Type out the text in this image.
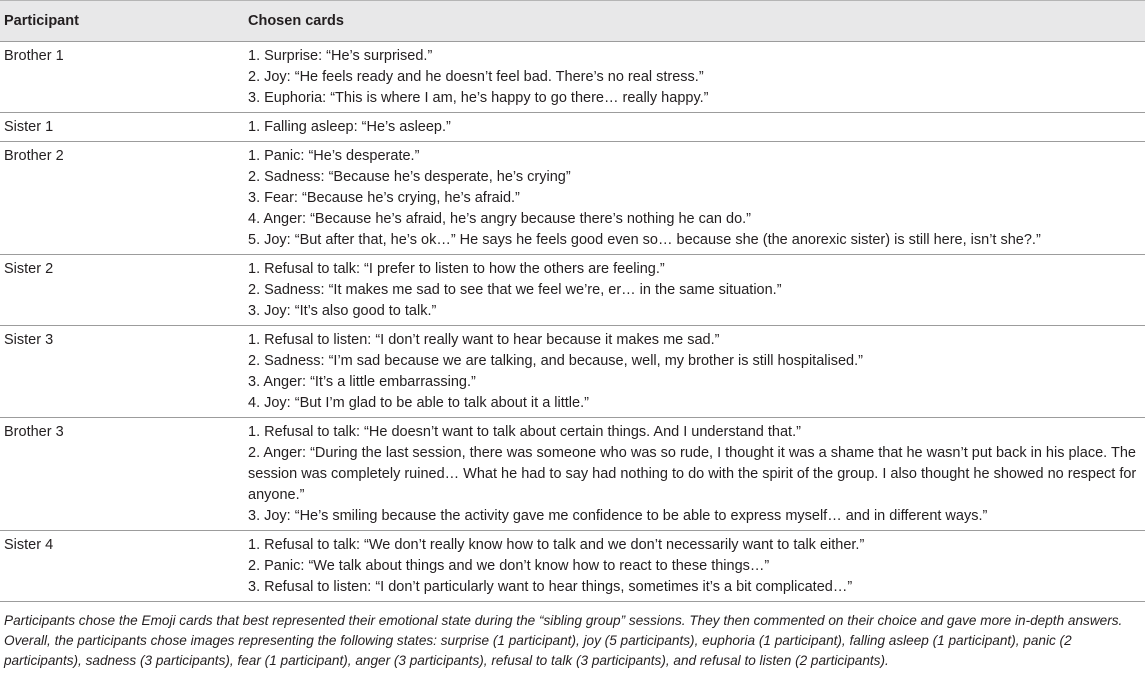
Participant	Chosen cards
Brother 1	1. Surprise: “He’s surprised.”
2. Joy: “He feels ready and he doesn’t feel bad. There’s no real stress.”
3. Euphoria: “This is where I am, he’s happy to go there… really happy.”
Sister 1	1. Falling asleep: “He’s asleep.”
Brother 2	1. Panic: “He’s desperate.”
2. Sadness: “Because he’s desperate, he’s crying”
3. Fear: “Because he’s crying, he’s afraid.”
4. Anger: “Because he’s afraid, he’s angry because there’s nothing he can do.”
5. Joy: “But after that, he’s ok…” He says he feels good even so… because she (the anorexic sister) is still here, isn’t she?.”
Sister 2	1. Refusal to talk: “I prefer to listen to how the others are feeling.”
2. Sadness: “It makes me sad to see that we feel we’re, er… in the same situation.”
3. Joy: “It’s also good to talk.”
Sister 3	1. Refusal to listen: “I don’t really want to hear because it makes me sad.”
2. Sadness: “I’m sad because we are talking, and because, well, my brother is still hospitalised.”
3. Anger: “It’s a little embarrassing.”
4. Joy: “But I’m glad to be able to talk about it a little.”
Brother 3	1. Refusal to talk: “He doesn’t want to talk about certain things. And I understand that.”
2. Anger: “During the last session, there was someone who was so rude, I thought it was a shame that he wasn’t put back in his place. The session was completely ruined… What he had to say had nothing to do with the spirit of the group. I also thought he showed no respect for anyone.”
3. Joy: “He’s smiling because the activity gave me confidence to be able to express myself… and in different ways.”
Sister 4	1. Refusal to talk: “We don’t really know how to talk and we don’t necessarily want to talk either.”
2. Panic: “We talk about things and we don’t know how to react to these things…”
3. Refusal to listen: “I don’t particularly want to hear things, sometimes it’s a bit complicated…”
Participants chose the Emoji cards that best represented their emotional state during the “sibling group” sessions. They then commented on their choice and gave more in-depth answers. Overall, the participants chose images representing the following states: surprise (1 participant), joy (5 participants), euphoria (1 participant), falling asleep (1 participant), panic (2 participants), sadness (3 participants), fear (1 participant), anger (3 participants), refusal to talk (3 participants), and refusal to listen (2 participants).
